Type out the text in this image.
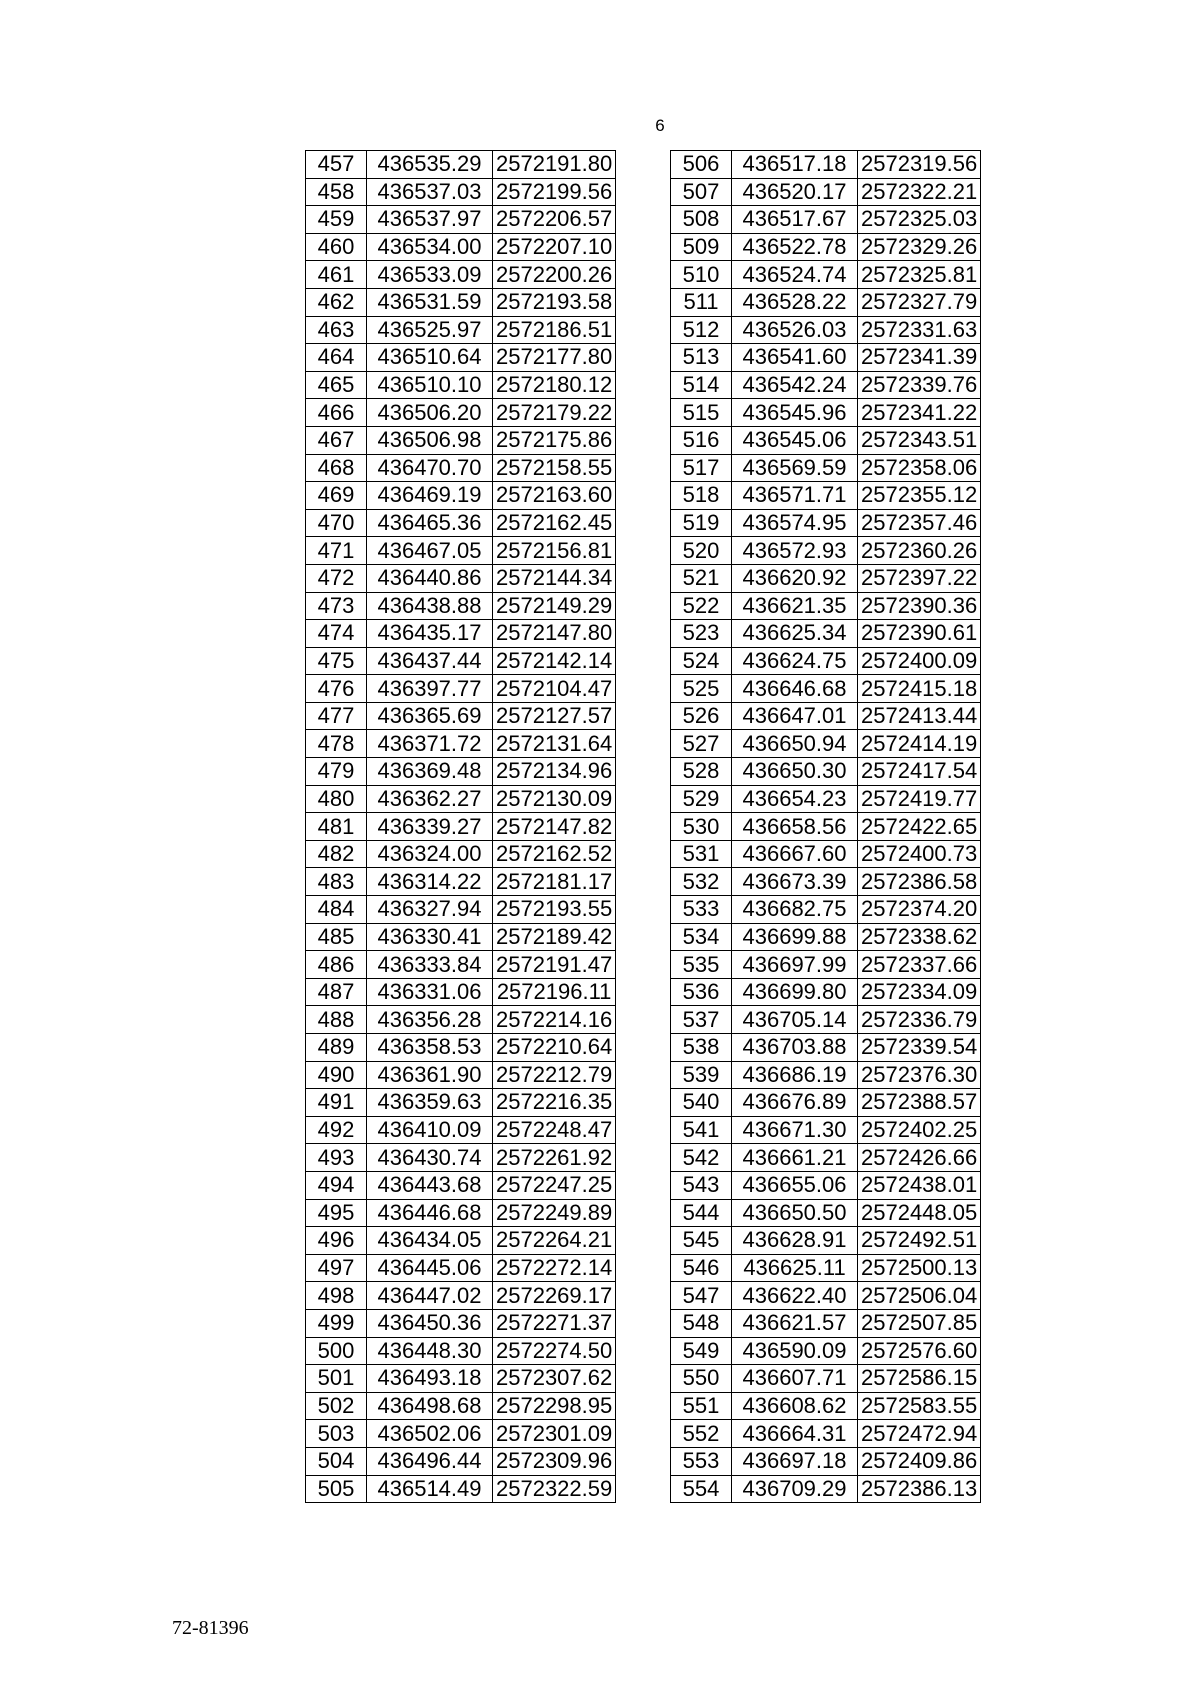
6
457	436535.29	2572191.80
458	436537.03	2572199.56
459	436537.97	2572206.57
460	436534.00	2572207.10
461	436533.09	2572200.26
462	436531.59	2572193.58
463	436525.97	2572186.51
464	436510.64	2572177.80
465	436510.10	2572180.12
466	436506.20	2572179.22
467	436506.98	2572175.86
468	436470.70	2572158.55
469	436469.19	2572163.60
470	436465.36	2572162.45
471	436467.05	2572156.81
472	436440.86	2572144.34
473	436438.88	2572149.29
474	436435.17	2572147.80
475	436437.44	2572142.14
476	436397.77	2572104.47
477	436365.69	2572127.57
478	436371.72	2572131.64
479	436369.48	2572134.96
480	436362.27	2572130.09
481	436339.27	2572147.82
482	436324.00	2572162.52
483	436314.22	2572181.17
484	436327.94	2572193.55
485	436330.41	2572189.42
486	436333.84	2572191.47
487	436331.06	2572196.11
488	436356.28	2572214.16
489	436358.53	2572210.64
490	436361.90	2572212.79
491	436359.63	2572216.35
492	436410.09	2572248.47
493	436430.74	2572261.92
494	436443.68	2572247.25
495	436446.68	2572249.89
496	436434.05	2572264.21
497	436445.06	2572272.14
498	436447.02	2572269.17
499	436450.36	2572271.37
500	436448.30	2572274.50
501	436493.18	2572307.62
502	436498.68	2572298.95
503	436502.06	2572301.09
504	436496.44	2572309.96
505	436514.49	2572322.59
506	436517.18	2572319.56
507	436520.17	2572322.21
508	436517.67	2572325.03
509	436522.78	2572329.26
510	436524.74	2572325.81
511	436528.22	2572327.79
512	436526.03	2572331.63
513	436541.60	2572341.39
514	436542.24	2572339.76
515	436545.96	2572341.22
516	436545.06	2572343.51
517	436569.59	2572358.06
518	436571.71	2572355.12
519	436574.95	2572357.46
520	436572.93	2572360.26
521	436620.92	2572397.22
522	436621.35	2572390.36
523	436625.34	2572390.61
524	436624.75	2572400.09
525	436646.68	2572415.18
526	436647.01	2572413.44
527	436650.94	2572414.19
528	436650.30	2572417.54
529	436654.23	2572419.77
530	436658.56	2572422.65
531	436667.60	2572400.73
532	436673.39	2572386.58
533	436682.75	2572374.20
534	436699.88	2572338.62
535	436697.99	2572337.66
536	436699.80	2572334.09
537	436705.14	2572336.79
538	436703.88	2572339.54
539	436686.19	2572376.30
540	436676.89	2572388.57
541	436671.30	2572402.25
542	436661.21	2572426.66
543	436655.06	2572438.01
544	436650.50	2572448.05
545	436628.91	2572492.51
546	436625.11	2572500.13
547	436622.40	2572506.04
548	436621.57	2572507.85
549	436590.09	2572576.60
550	436607.71	2572586.15
551	436608.62	2572583.55
552	436664.31	2572472.94
553	436697.18	2572409.86
554	436709.29	2572386.13
72-81396
